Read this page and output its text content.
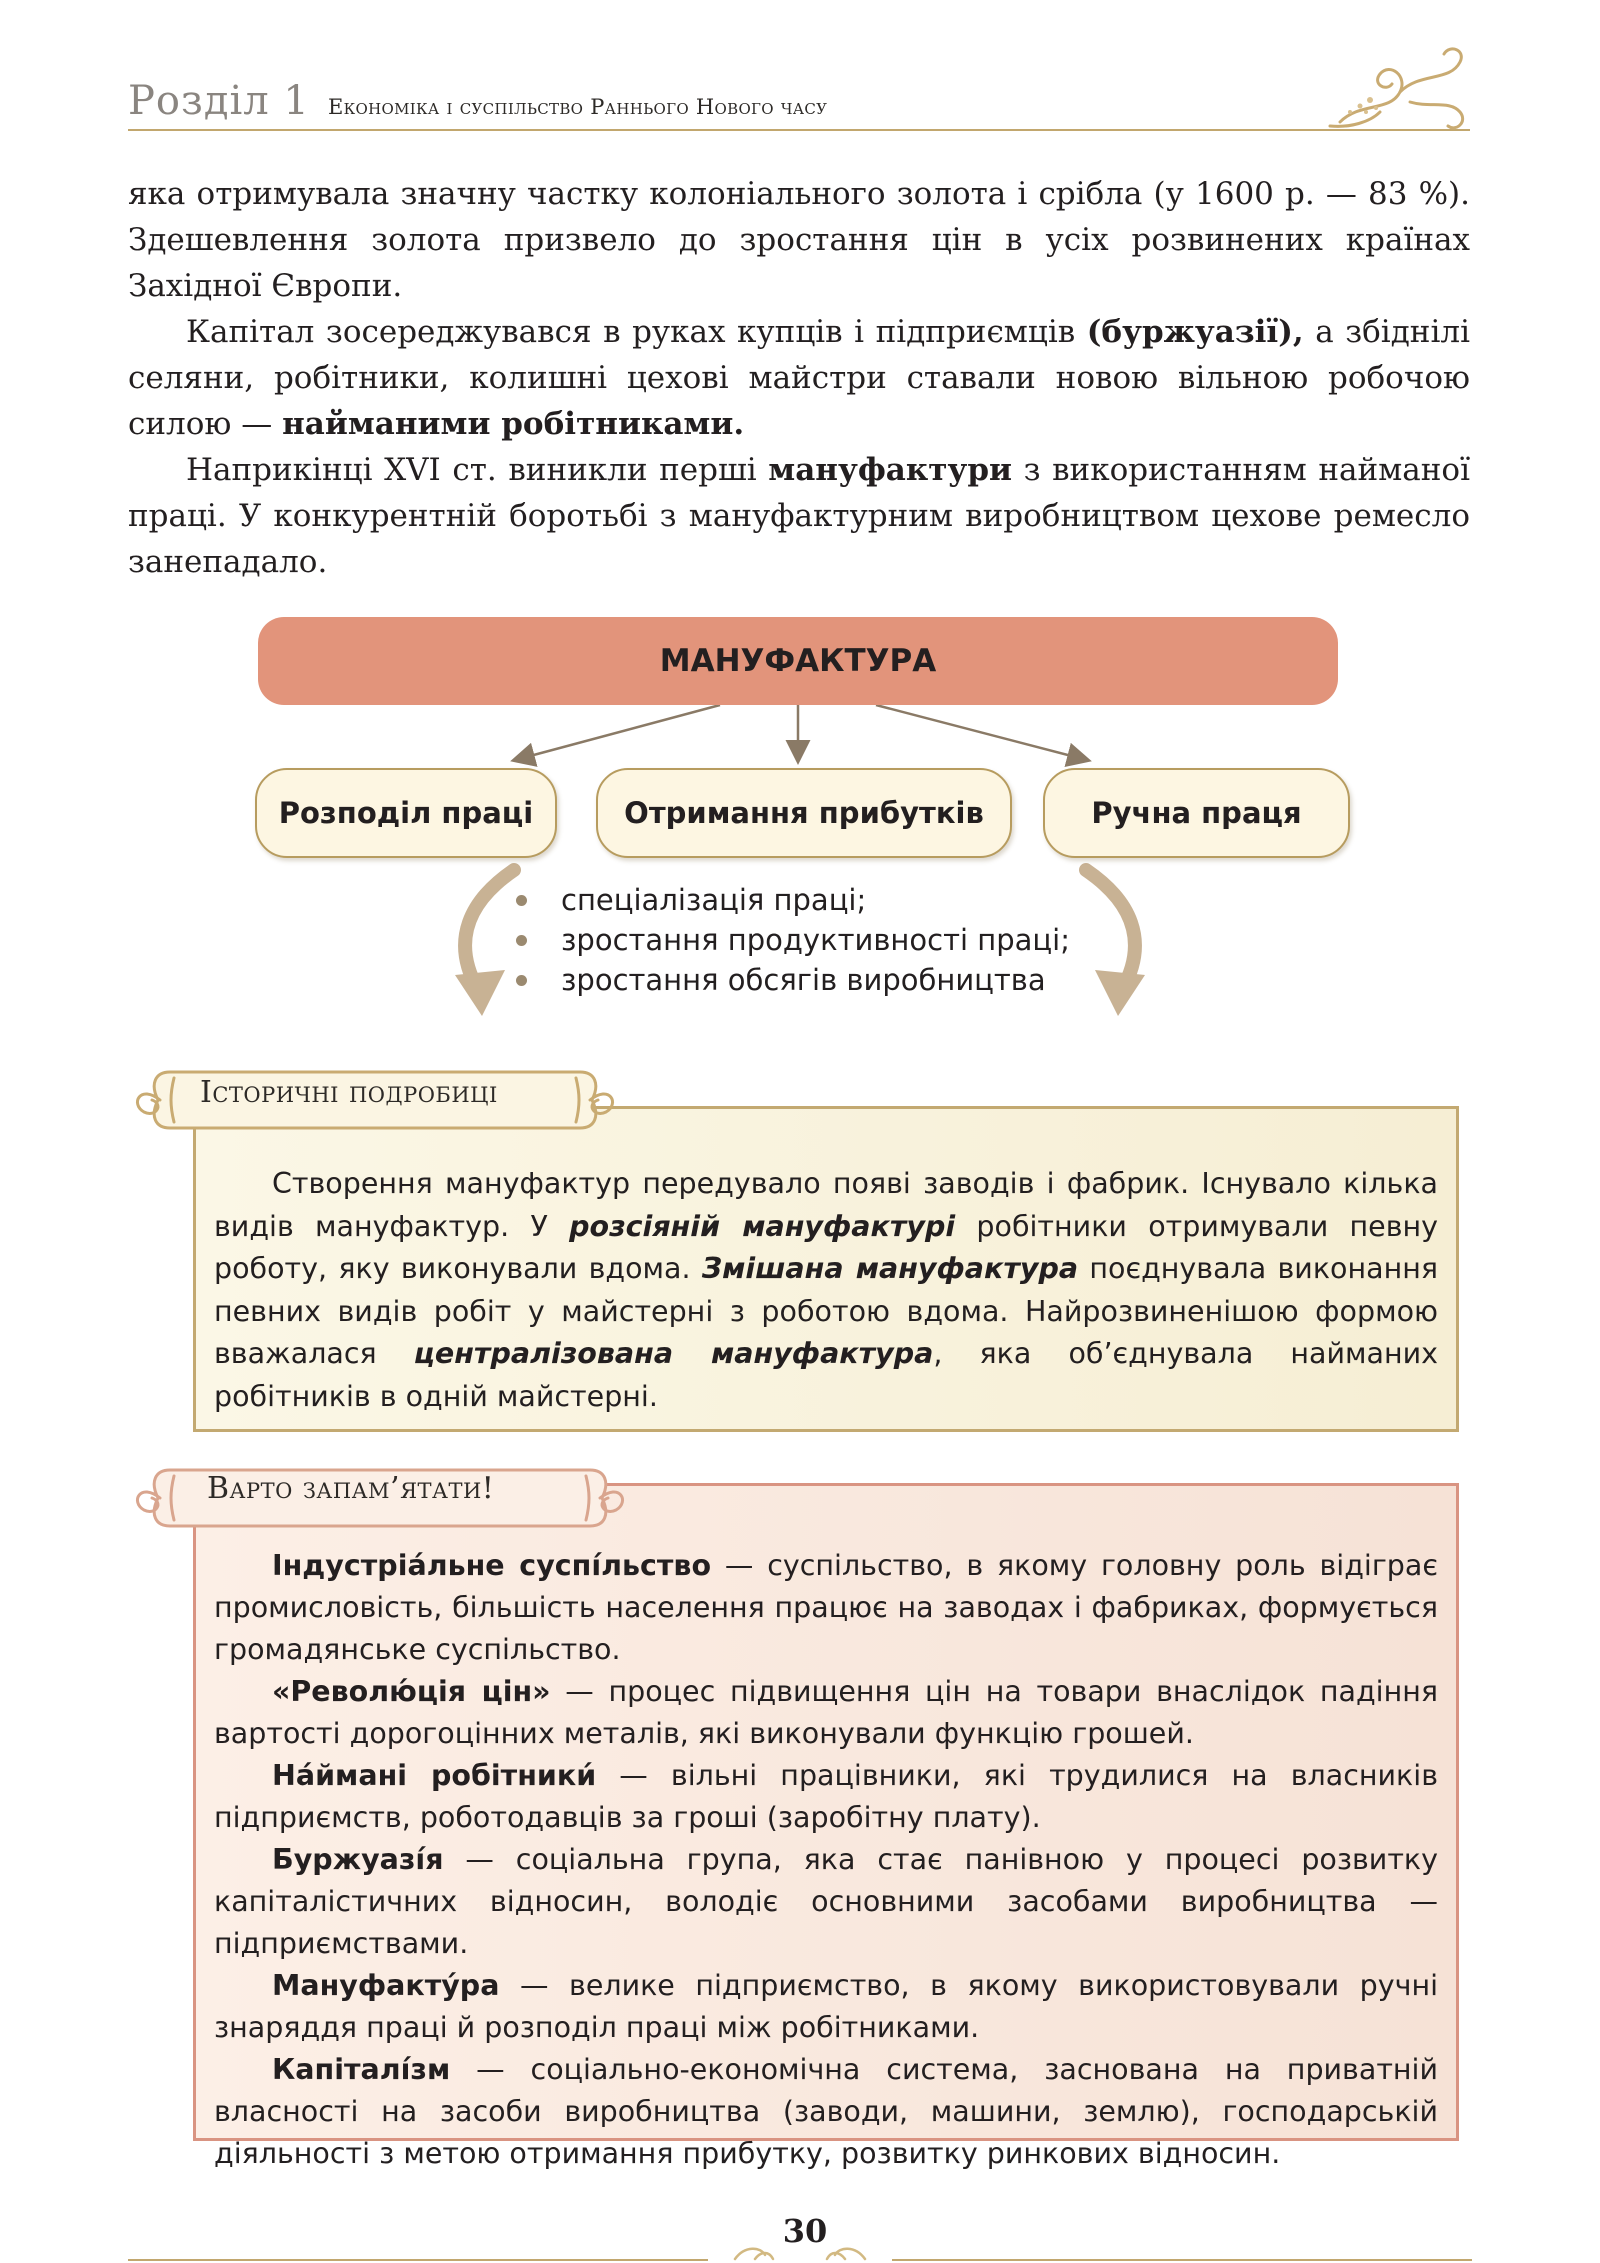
Розділ 1 Економіка і суспільство Раннього Нового часу
яка отримувала значну частку колоніального золота і срібла (у 1600 р. — 83 %). Здешевлення золота призвело до зростання цін в усіх розвинених країнах Західної Європи.
Капітал зосереджувався в руках купців і підприємців (буржуазії), а збіднілі селяни, робітники, колишні цехові майстри ставали новою вільною робочою силою — найманими робітниками.
Наприкінці XVI ст. виникли перші мануфактури з використанням найманої праці. У конкурентній боротьбі з мануфактурним виробництвом цехове ремесло занепадало.
МАНУФАКТУРА
Розподіл праці	Отримання прибутків	Ручна праця
спеціалізація праці;
зростання продуктивності праці;
зростання обсягів виробництва
Створення мануфактур передувало появі заводів і фабрик. Існувало кілька видів мануфактур. У розсіяній мануфактурі робітники отримували певну роботу, яку виконували вдома. Змішана мануфактура поєднувала виконання певних видів робіт у майстерні з роботою вдома. Найрозвиненішою формою вважалася централізована мануфактура, яка об’єднувала найманих робітників в одній майстерні.
Історичні подробиці
Індустріа́льне суспі́льство — суспільство, в якому головну роль відіграє промисловість, більшість населення працює на заводах і фабриках, формується громадянське суспільство.
«Револю́ція цін» — процес підвищення цін на товари внаслідок падіння вартості дорогоцінних металів, які виконували функцію грошей.
На́ймані робітники́ — вільні працівники, які трудилися на власників підприємств, роботодавців за гроші (заробітну плату).
Буржуазі́я — соціальна група, яка стає панівною у процесі розвитку капіталістичних відносин, володіє основними засобами виробництва — підприємствами.
Мануфакту́ра — велике підприємство, в якому використовували ручні знаряддя праці й розподіл праці між робітниками.
Капіталі́зм — соціально-економічна система, заснована на приватній власності на засоби виробництва (заводи, машини, землю), господарській діяльності з метою отримання прибутку, розвитку ринкових відносин.
Варто запам’ятати!
30
